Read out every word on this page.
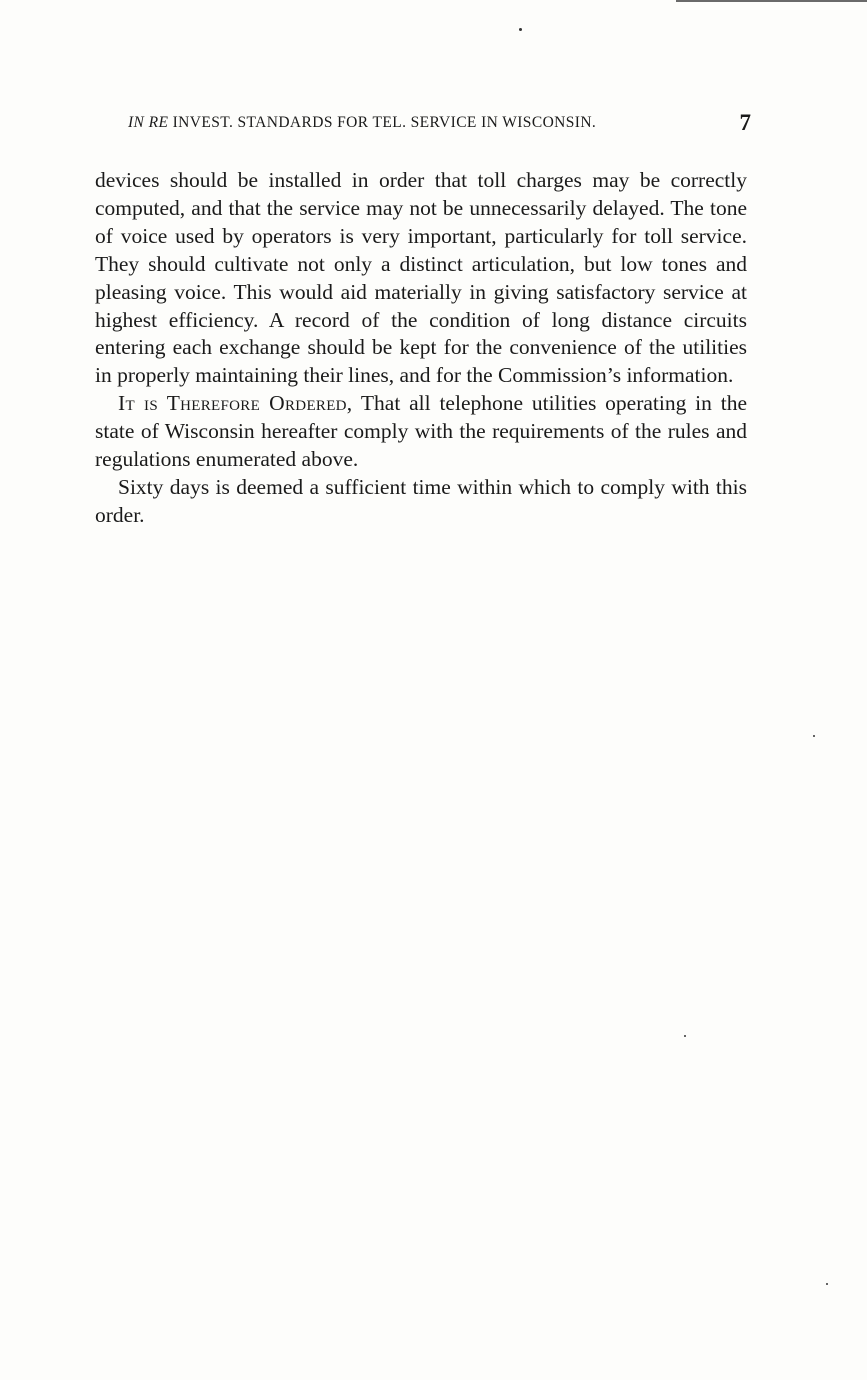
IN RE INVEST. STANDARDS FOR TEL. SERVICE IN WISCONSIN.	7

devices should be installed in order that toll charges may be correctly computed, and that the service may not be unnecessarily delayed. The tone of voice used by operators is very important, particularly for toll service. They should cultivate not only a distinct articulation, but low tones and pleasing voice. This would aid materially in giving satisfactory service at highest efficiency. A record of the condition of long distance circuits entering each exchange should be kept for the convenience of the utilities in properly maintaining their lines, and for the Commission’s information.

It is Therefore Ordered, That all telephone utilities operating in the state of Wisconsin hereafter comply with the requirements of the rules and regulations enumerated above.

Sixty days is deemed a sufficient time within which to comply with this order.
